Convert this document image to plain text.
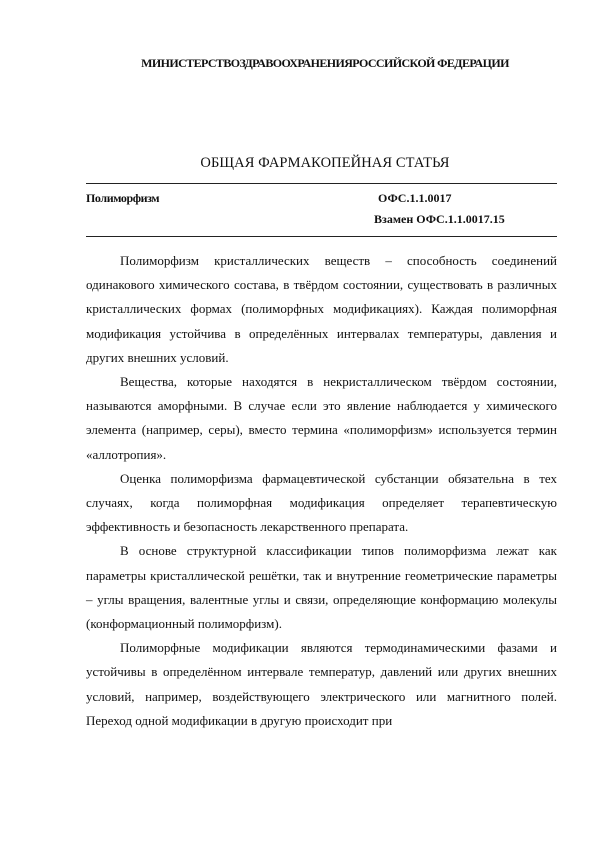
МИНИСТЕРСТВОЗДРАВООХРАНЕНИЯРОССИЙСКОЙ ФЕДЕРАЦИИ
ОБЩАЯ ФАРМАКОПЕЙНАЯ СТАТЬЯ
Полиморфизм	ОФС.1.1.0017
Взамен ОФС.1.1.0017.15

Полиморфизм кристаллических веществ – способность соединений одинакового химического состава, в твёрдом состоянии, существовать в различных кристаллических формах (полиморфных модификациях). Каждая полиморфная модификация устойчива в определённых интервалах температуры, давления и других внешних условий.

Вещества, которые находятся в некристаллическом твёрдом состоянии, называются аморфными. В случае если это явление наблюдается у химического элемента (например, серы), вместо термина «полиморфизм» используется термин «аллотропия».

Оценка полиморфизма фармацевтической субстанции обязательна в тех случаях, когда полиморфная модификация определяет терапевтическую эффективность и безопасность лекарственного препарата.

В основе структурной классификации типов полиморфизма лежат как параметры кристаллической решётки, так и внутренние геометрические параметры – углы вращения, валентные углы и связи, определяющие конформацию молекулы (конформационный полиморфизм).

Полиморфные модификации являются термодинамическими фазами и устойчивы в определённом интервале температур, давлений или других внешних условий, например, воздействующего электрического или магнитного полей. Переход одной модификации в другую происходит при
